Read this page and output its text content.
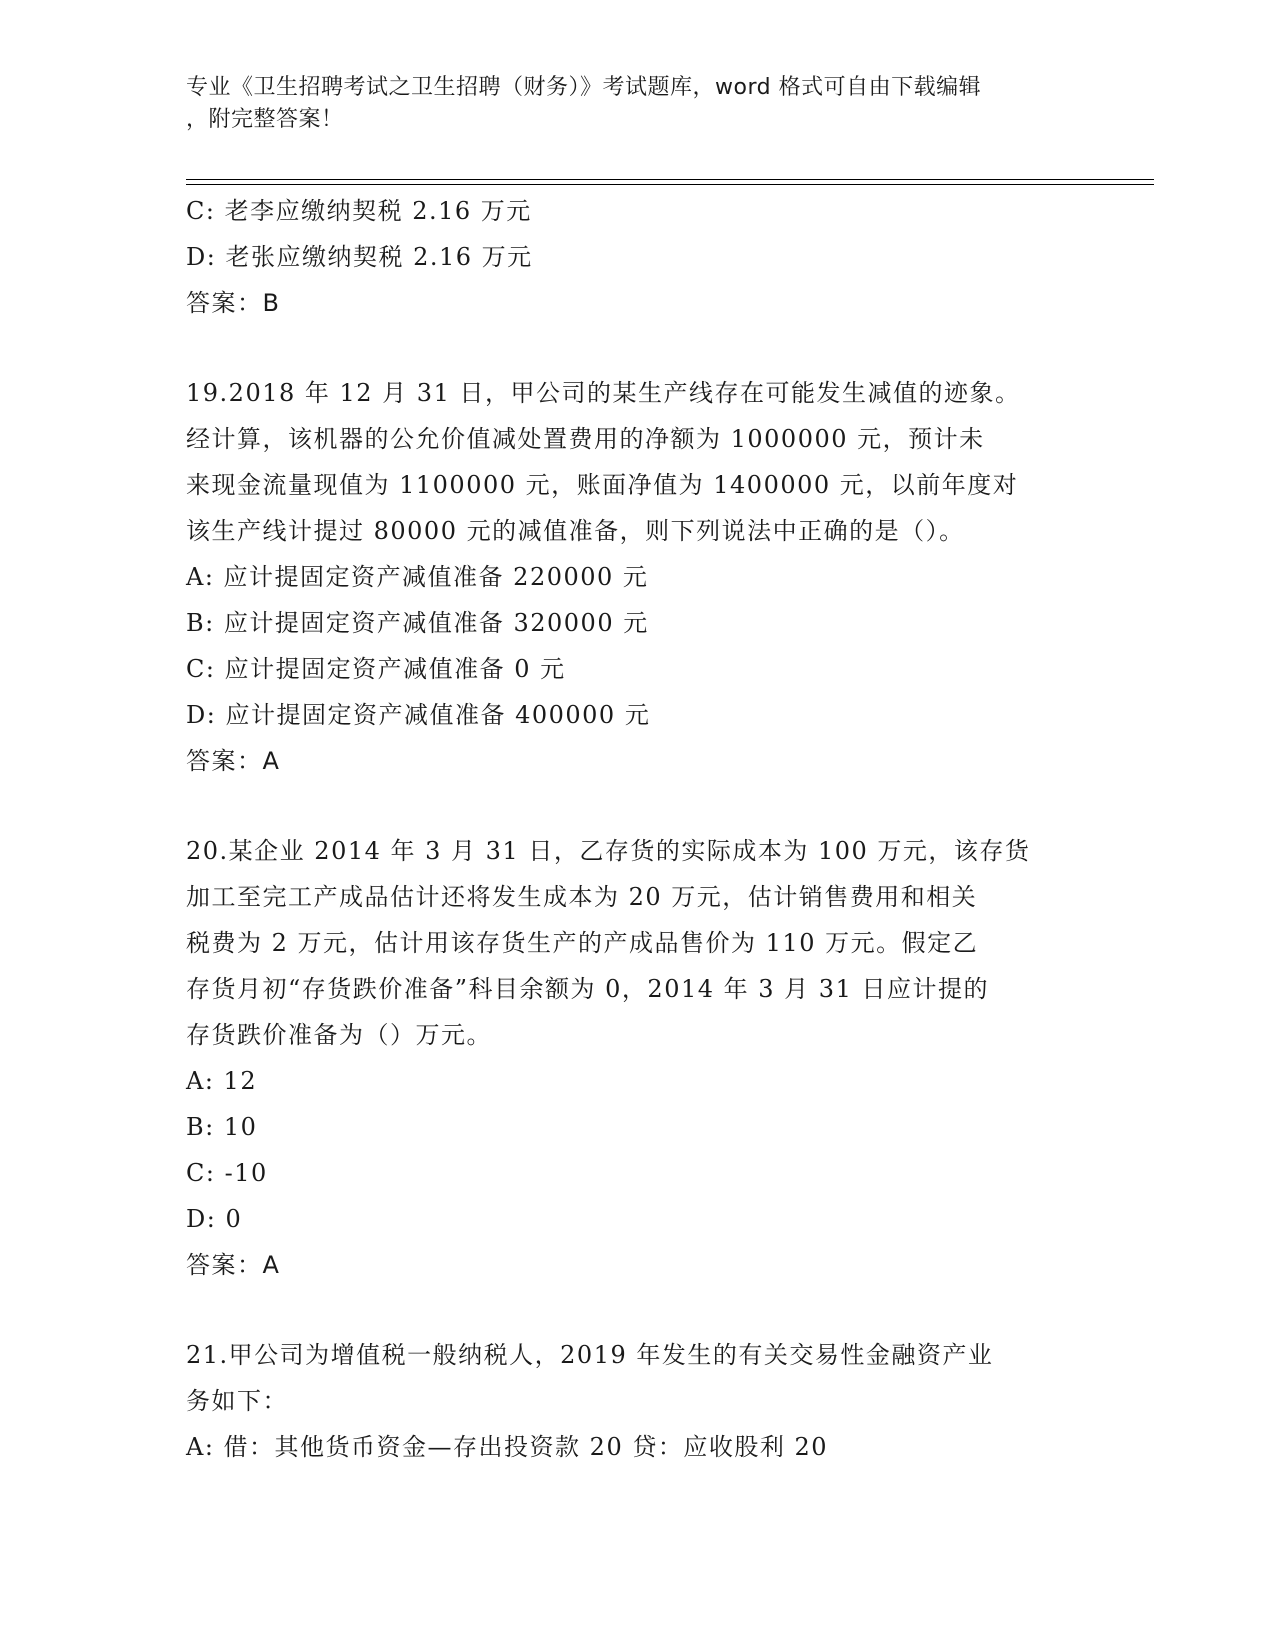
专业《卫生招聘考试之卫生招聘（财务）》考试题库，word 格式可自由下载编辑
，附完整答案！
C: 老李应缴纳契税 2.16 万元
D: 老张应缴纳契税 2.16 万元
答案：B
19.2018 年 12 月 31 日，甲公司的某生产线存在可能发生减值的迹象。
经计算，该机器的公允价值减处置费用的净额为 1000000 元，预计未
来现金流量现值为 1100000 元，账面净值为 1400000 元，以前年度对
该生产线计提过 80000 元的减值准备，则下列说法中正确的是（）。
A: 应计提固定资产减值准备 220000 元
B: 应计提固定资产减值准备 320000 元
C: 应计提固定资产减值准备 0 元
D: 应计提固定资产减值准备 400000 元
答案：A
20.某企业 2014 年 3 月 31 日，乙存货的实际成本为 100 万元，该存货
加工至完工产成品估计还将发生成本为 20 万元，估计销售费用和相关
税费为 2 万元，估计用该存货生产的产成品售价为 110 万元。假定乙
存货月初“存货跌价准备”科目余额为 0，2014 年 3 月 31 日应计提的
存货跌价准备为（）万元。
A: 12
B: 10
C: -10
D: 0
答案：A
21.甲公司为增值税一般纳税人，2019 年发生的有关交易性金融资产业
务如下：
A: 借：其他货币资金—存出投资款 20 贷：应收股利 20
